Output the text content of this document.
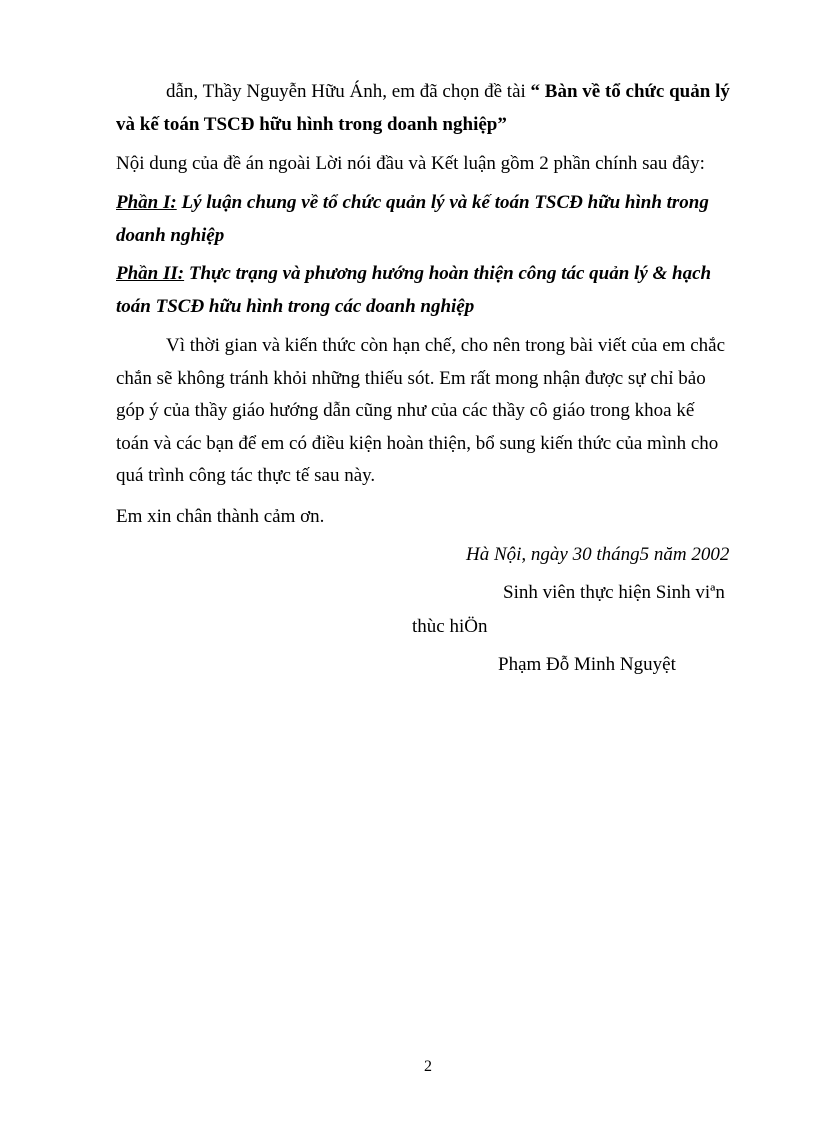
dẫn, Thầy Nguyễn Hữu Ánh, em đã chọn đề tài “ Bàn về tổ chức quản lý
và kế toán TSCĐ hữu hình trong doanh nghiệp”
Nội dung của đề án ngoài Lời nói đầu và Kết luận gồm 2 phần chính sau đây:
Phần I: Lý luận chung về tổ chức quản lý và kế toán TSCĐ hữu hình trong
doanh nghiệp
Phần II: Thực trạng và phương hướng hoàn thiện công tác quản lý & hạch
toán TSCĐ hữu hình trong các doanh nghiệp
Vì thời gian và kiến thức còn hạn chế, cho nên trong bài viết của em chắc
chắn sẽ không tránh khỏi những thiếu sót. Em rất mong nhận được sự chỉ bảo
góp ý của thầy giáo hướng dẫn cũng như của các thầy cô giáo trong khoa kế
toán và các bạn để em có điều kiện hoàn thiện, bổ sung kiến thức của mình cho
quá trình công tác thực tế sau này.
Em xin chân thành cảm ơn.
Hà Nội, ngày 30 tháng5 năm 2002
Sinh viên thực hiện Sinh viªn
thùc hiÖn
Phạm Đỗ Minh Nguyệt
2
